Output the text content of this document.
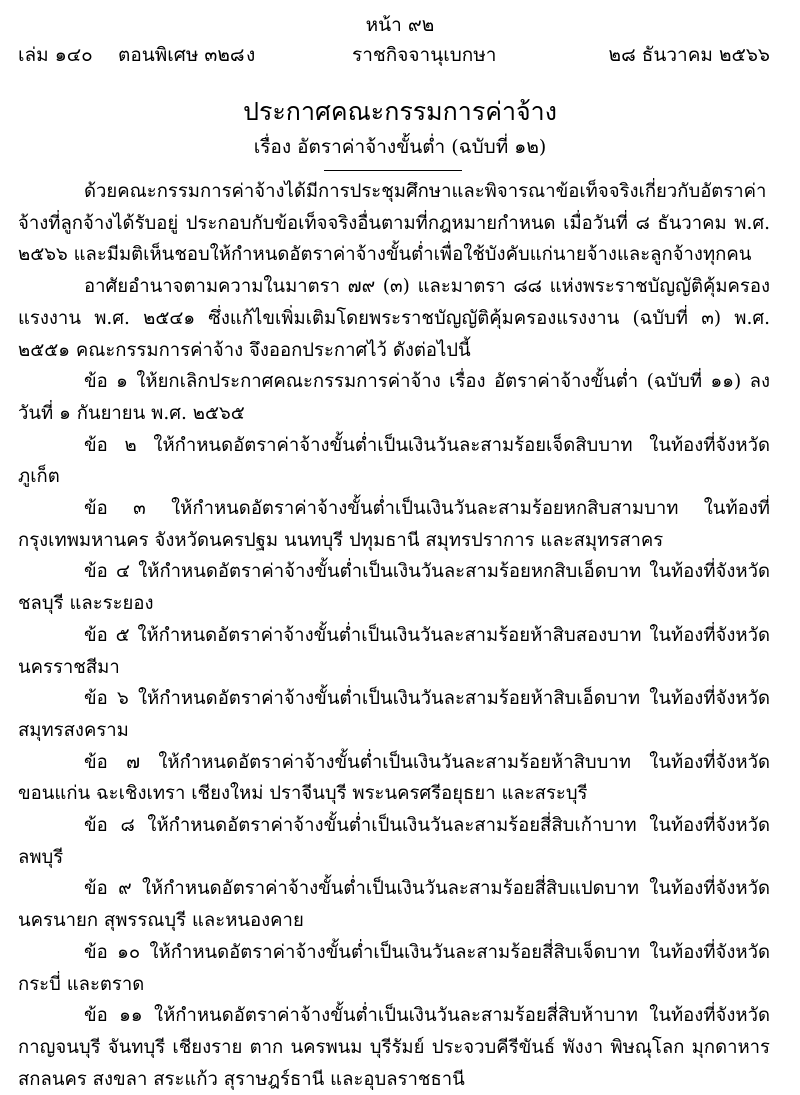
หน้า ๙๒
เล่ม ๑๔๐ ตอนพิเศษ ๓๒๘ ง	ราชกิจจานุเบกษา	๒๘ ธันวาคม ๒๕๖๖
ประกาศคณะกรรมการค่าจ้าง
เรื่อง อัตราค่าจ้างขั้นต่ำ (ฉบับที่ ๑๒)

ด้วยคณะกรรมการค่าจ้างได้มีการประชุมศึกษาและพิจารณาข้อเท็จจริงเกี่ยวกับอัตราค่าจ้างที่ลูกจ้างได้รับอยู่ ประกอบกับข้อเท็จจริงอื่นตามที่กฎหมายกำหนด เมื่อวันที่ ๘ ธันวาคม พ.ศ. ๒๕๖๖ และมีมติเห็นชอบให้กำหนดอัตราค่าจ้างขั้นต่ำเพื่อใช้บังคับแก่นายจ้างและลูกจ้างทุกคน

อาศัยอำนาจตามความในมาตรา ๗๙ (๓) และมาตรา ๘๘ แห่งพระราชบัญญัติคุ้มครองแรงงาน พ.ศ. ๒๕๔๑ ซึ่งแก้ไขเพิ่มเติมโดยพระราชบัญญัติคุ้มครองแรงงาน (ฉบับที่ ๓) พ.ศ. ๒๕๕๑ คณะกรรมการค่าจ้าง จึงออกประกาศไว้ ดังต่อไปนี้

ข้อ ๑ ให้ยกเลิกประกาศคณะกรรมการค่าจ้าง เรื่อง อัตราค่าจ้างขั้นต่ำ (ฉบับที่ ๑๑) ลงวันที่ ๑ กันยายน พ.ศ. ๒๕๖๕

ข้อ ๒ ให้กำหนดอัตราค่าจ้างขั้นต่ำเป็นเงินวันละสามร้อยเจ็ดสิบบาท ในท้องที่จังหวัดภูเก็ต

ข้อ ๓ ให้กำหนดอัตราค่าจ้างขั้นต่ำเป็นเงินวันละสามร้อยหกสิบสามบาท ในท้องที่กรุงเทพมหานคร จังหวัดนครปฐม นนทบุรี ปทุมธานี สมุทรปราการ และสมุทรสาคร

ข้อ ๔ ให้กำหนดอัตราค่าจ้างขั้นต่ำเป็นเงินวันละสามร้อยหกสิบเอ็ดบาท ในท้องที่จังหวัดชลบุรี และระยอง

ข้อ ๕ ให้กำหนดอัตราค่าจ้างขั้นต่ำเป็นเงินวันละสามร้อยห้าสิบสองบาท ในท้องที่จังหวัดนครราชสีมา

ข้อ ๖ ให้กำหนดอัตราค่าจ้างขั้นต่ำเป็นเงินวันละสามร้อยห้าสิบเอ็ดบาท ในท้องที่จังหวัดสมุทรสงคราม

ข้อ ๗ ให้กำหนดอัตราค่าจ้างขั้นต่ำเป็นเงินวันละสามร้อยห้าสิบบาท ในท้องที่จังหวัดขอนแก่น ฉะเชิงเทรา เชียงใหม่ ปราจีนบุรี พระนครศรีอยุธยา และสระบุรี

ข้อ ๘ ให้กำหนดอัตราค่าจ้างขั้นต่ำเป็นเงินวันละสามร้อยสี่สิบเก้าบาท ในท้องที่จังหวัดลพบุรี

ข้อ ๙ ให้กำหนดอัตราค่าจ้างขั้นต่ำเป็นเงินวันละสามร้อยสี่สิบแปดบาท ในท้องที่จังหวัดนครนายก สุพรรณบุรี และหนองคาย

ข้อ ๑๐ ให้กำหนดอัตราค่าจ้างขั้นต่ำเป็นเงินวันละสามร้อยสี่สิบเจ็ดบาท ในท้องที่จังหวัดกระบี่ และตราด

ข้อ ๑๑ ให้กำหนดอัตราค่าจ้างขั้นต่ำเป็นเงินวันละสามร้อยสี่สิบห้าบาท ในท้องที่จังหวัดกาญจนบุรี จันทบุรี เชียงราย ตาก นครพนม บุรีรัมย์ ประจวบคีรีขันธ์ พังงา พิษณุโลก มุกดาหาร สกลนคร สงขลา สระแก้ว สุราษฎร์ธานี และอุบลราชธานี
